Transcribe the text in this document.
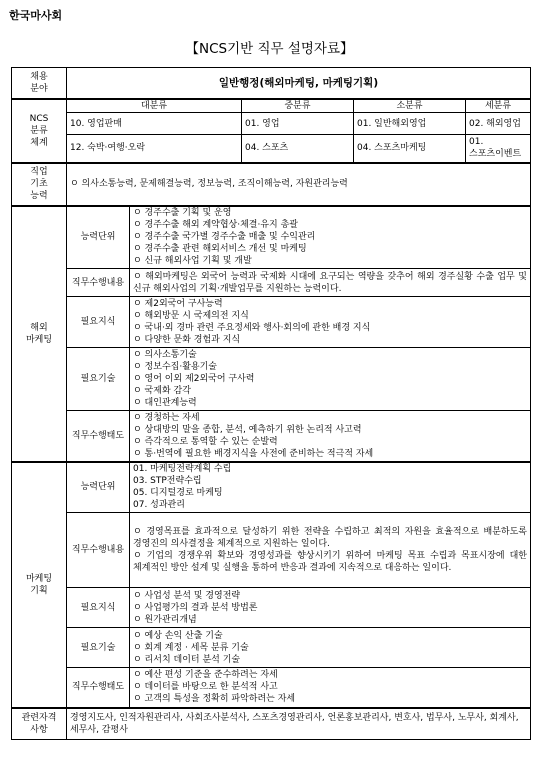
한국마사회
【NCS기반 직무 설명자료】
채용
분야	일반행정(해외마케팅, 마케팅기획)				
NCS
분류
체계	대분류		중분류	소분류	세분류
	10. 영업판매		01. 영업	01. 일반해외영업	02. 해외영업
	12. 숙박·여행·오락		04. 스포츠	04. 스포츠마케팅	01. 스포츠이벤트
직업
기초
능력	ㅇ 의사소통능력, 문제해결능력, 정보능력, 조직이해능력, 자원관리능력				
해외
마케팅	능력단위	ㅇ 경주수출 기획 및 운영
ㅇ 경주수출 해외 계약협상·체결·유지 총괄
ㅇ 경주수출 국가별 경주수출 매출 및 수익관리
ㅇ 경주수출 관련 해외서비스 개선 및 마케팅
ㅇ 신규 해외사업 기획 및 개발			

	직무수행내용	ㅇ 해외마케팅은 외국어 능력과 국제화 시대에 요구되는 역량을 갖추어 해외 경주실황 수출 업무 및 신규 해외사업의 기획·개발업무를 지원하는 능력이다.			

	필요지식	ㅇ 제2외국어 구사능력
ㅇ 해외방문 시 국제의전 지식
ㅇ 국내·외 경마 관련 주요정세와 행사·회의에 관한 배경 지식
ㅇ 다양한 문화 경험과 지식			

	필요기술	ㅇ 의사소통기술
ㅇ 정보수집·활용기술
ㅇ 영어 이외 제2외국어 구사력
ㅇ 국제화 감각
ㅇ 대인관계능력			

	직무수행태도	ㅇ 경청하는 자세
ㅇ 상대방의 말을 종합, 분석, 예측하기 위한 논리적 사고력
ㅇ 즉각적으로 통역할 수 있는 순발력
ㅇ 통·번역에 필요한 배경지식을 사전에 준비하는 적극적 자세			

마케팅
기획	능력단위	01. 마케팅전략계획 수립
03. STP전략수립
05. 디지털경로 마케팅
07. 성과관리			

	직무수행내용	ㅇ 경영목표를 효과적으로 달성하기 위한 전략을 수립하고 최적의 자원을 효율적으로 배분하도록 경영진의 의사결정을 체계적으로 지원하는 일이다.
ㅇ 기업의 경쟁우위 확보와 경영성과를 향상시키기 위하여 마케팅 목표 수립과 목표시장에 대한 체계적인 방안 설계 및 실행을 통하여 반응과 결과에 지속적으로 대응하는 일이다.			

	필요지식	ㅇ 사업성 분석 및 경영전략
ㅇ 사업평가의 결과 분석 방법론
ㅇ 원가관리개념			

	필요기술	ㅇ 예상 손익 산출 기술
ㅇ 회계 계정 · 세목 분류 기술
ㅇ 리서치 데이터 분석 기술			

	직무수행태도	ㅇ 예산 편성 기준을 준수하려는 자세
ㅇ 데이터를 바탕으로 한 분석적 사고
ㅇ 고객의 특성을 정확히 파악하려는 자세			

관련자격
사항	경영지도사, 인적자원관리사, 사회조사분석사, 스포츠경영관리사, 언론홍보관리사, 변호사, 법무사, 노무사, 회계사, 세무사, 감평사				
